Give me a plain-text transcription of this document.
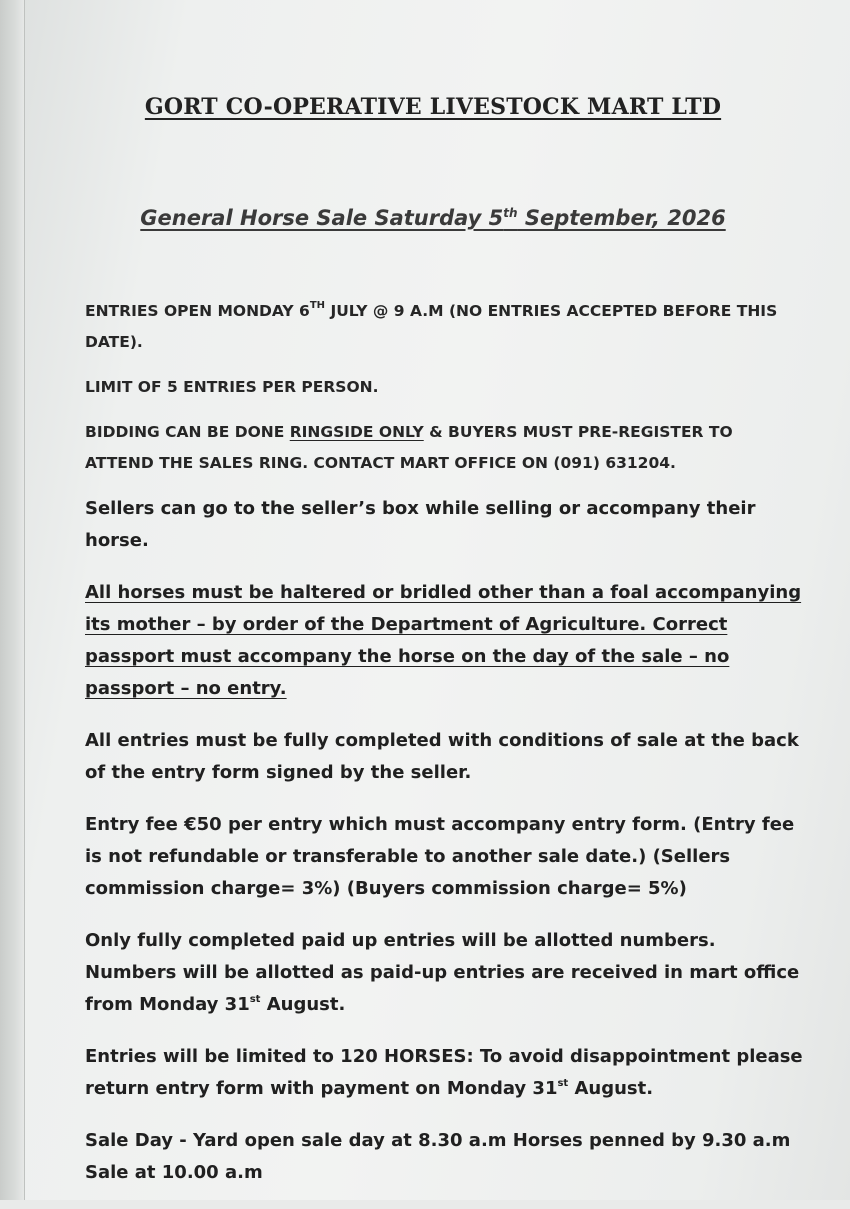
GORT CO-OPERATIVE LIVESTOCK MART LTD
General Horse Sale Saturday 5th September, 2026

ENTRIES OPEN MONDAY 6TH JULY @ 9 A.M (NO ENTRIES ACCEPTED BEFORE THIS DATE).

LIMIT OF 5 ENTRIES PER PERSON.

BIDDING CAN BE DONE RINGSIDE ONLY & BUYERS MUST PRE-REGISTER TO ATTEND THE SALES RING. CONTACT MART OFFICE ON (091) 631204.

Sellers can go to the seller’s box while selling or accompany their horse.

All horses must be haltered or bridled other than a foal accompanying its mother – by order of the Department of Agriculture. Correct passport must accompany the horse on the day of the sale – no passport – no entry.

All entries must be fully completed with conditions of sale at the back of the entry form signed by the seller.

Entry fee €50 per entry which must accompany entry form. (Entry fee is not refundable or transferable to another sale date.) (Sellers commission charge= 3%) (Buyers commission charge= 5%)

Only fully completed paid up entries will be allotted numbers. Numbers will be allotted as paid-up entries are received in mart office from Monday 31st August.

Entries will be limited to 120 HORSES: To avoid disappointment please return entry form with payment on Monday 31st August.

Sale Day - Yard open sale day at 8.30 a.m Horses penned by 9.30 a.m Sale at 10.00 a.m
